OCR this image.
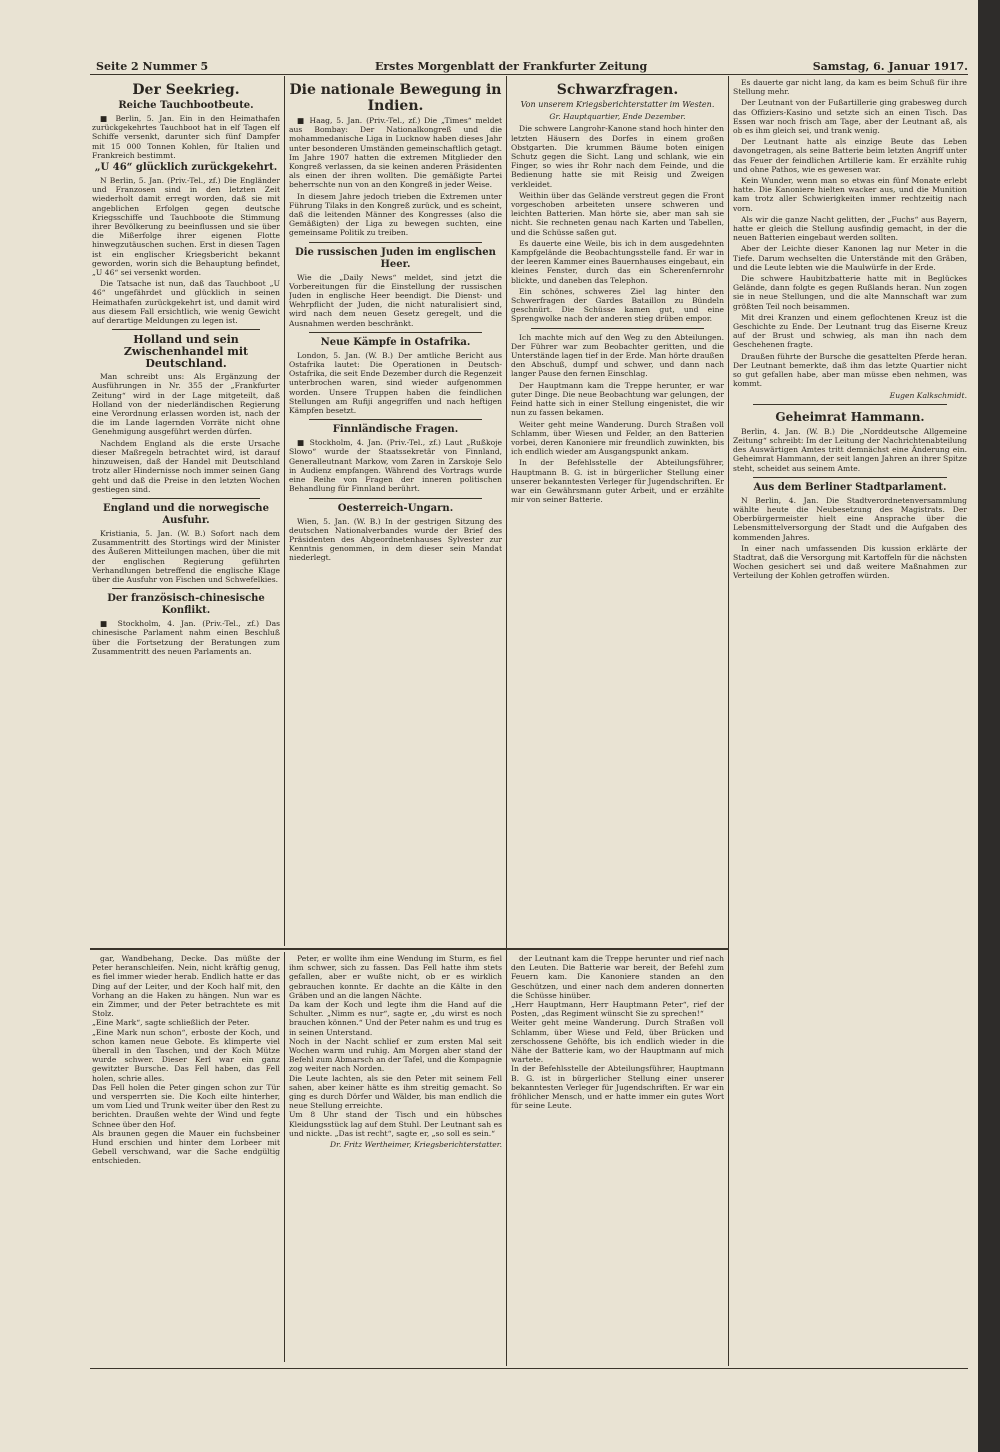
Seite 2 Nummer 5	Erstes Morgenblatt der Frankfurter Zeitung	Samstag, 6. Januar 1917.
Der Seekrieg.
Reiche Tauchbootbeute.

■ Berlin, 5. Jan. Ein in den Heimathafen zurückgekehrtes Tauchboot hat in elf Tagen elf Schiffe versenkt, darunter sich fünf Dampfer mit 15 000 Tonnen Kohlen, für Italien und Frankreich bestimmt.

„U 46“ glücklich zurückgekehrt.

N Berlin, 5. Jan. (Priv.-Tel., zf.) Die Engländer und Franzosen sind in den letzten Zeit wiederholt damit erregt worden, daß sie mit angeblichen Erfolgen gegen deutsche Kriegsschiffe und Tauchboote die Stimmung ihrer Bevölkerung zu beeinflussen und sie über die Mißerfolge ihrer eigenen Flotte hinwegzutäuschen suchen. Erst in diesen Tagen ist ein englischer Kriegsbericht bekannt geworden, worin sich die Behauptung befindet, „U 46“ sei versenkt worden.

Die Tatsache ist nun, daß das Tauchboot „U 46“ ungefährdet und glücklich in seinen Heimathafen zurückgekehrt ist, und damit wird aus diesem Fall ersichtlich, wie wenig Gewicht auf derartige Meldungen zu legen ist.

Holland und sein Zwischenhandel mit Deutschland.

Man schreibt uns: Als Ergänzung der Ausführungen in Nr. 355 der „Frankfurter Zeitung“ wird in der Lage mitgeteilt, daß Holland von der niederländischen Regierung eine Verordnung erlassen worden ist, nach der die im Lande lagernden Vorräte nicht ohne Genehmigung ausgeführt werden dürfen.

Nachdem England als die erste Ursache dieser Maßregeln betrachtet wird, ist darauf hinzuweisen, daß der Handel mit Deutschland trotz aller Hindernisse noch immer seinen Gang geht und daß die Preise in den letzten Wochen gestiegen sind.

England und die norwegische Ausfuhr.

Kristiania, 5. Jan. (W. B.) Sofort nach dem Zusammentritt des Stortings wird der Minister des Äußeren Mitteilungen machen, über die mit der englischen Regierung geführten Verhandlungen betreffend die englische Klage über die Ausfuhr von Fischen und Schwefelkies.

Der französisch-chinesische Konflikt.

■ Stockholm, 4. Jan. (Priv.-Tel., zf.) Das chinesische Parlament nahm einen Beschluß über die Fortsetzung der Beratungen zum Zusammentritt des neuen Parlaments an.

Die nationale Bewegung in Indien.

■ Haag, 5. Jan. (Priv.-Tel., zf.) Die „Times“ meldet aus Bombay: Der Nationalkongreß und die mohammedanische Liga in Lucknow haben dieses Jahr unter besonderen Umständen gemeinschaftlich getagt. Im Jahre 1907 hatten die extremen Mitglieder den Kongreß verlassen, da sie keinen anderen Präsidenten als einen der ihren wollten. Die gemäßigte Partei beherrschte nun von an den Kongreß in jeder Weise.

In diesem Jahre jedoch trieben die Extremen unter Führung Tilaks in den Kongreß zurück, und es scheint, daß die leitenden Männer des Kongresses (also die Gemäßigten) der Liga zu bewegen suchten, eine gemeinsame Politik zu treiben.

Die russischen Juden im englischen Heer.

Wie die „Daily News“ meldet, sind jetzt die Vorbereitungen für die Einstellung der russischen Juden in englische Heer beendigt. Die Dienst- und Wehrpflicht der Juden, die nicht naturalisiert sind, wird nach dem neuen Gesetz geregelt, und die Ausnahmen werden beschränkt.

Neue Kämpfe in Ostafrika.

London, 5. Jan. (W. B.) Der amtliche Bericht aus Ostafrika lautet: Die Operationen in Deutsch-Ostafrika, die seit Ende Dezember durch die Regenzeit unterbrochen waren, sind wieder aufgenommen worden. Unsere Truppen haben die feindlichen Stellungen am Rufiji angegriffen und nach heftigen Kämpfen besetzt.

Finnländische Fragen.

■ Stockholm, 4. Jan. (Priv.-Tel., zf.) Laut „Rußkoje Slowo“ wurde der Staatssekretär von Finnland, Generalleutnant Markow, vom Zaren in Zarskoje Selo in Audienz empfangen. Während des Vortrags wurde eine Reihe von Fragen der inneren politischen Behandlung für Finnland berührt.

Oesterreich-Ungarn.

Wien, 5. Jan. (W. B.) In der gestrigen Sitzung des deutschen Nationalverbandes wurde der Brief des Präsidenten des Abgeordnetenhauses Sylvester zur Kenntnis genommen, in dem dieser sein Mandat niederlegt.

Schwarzfragen.
Von unserem Kriegsberichterstatter im Westen.
Gr. Hauptquartier, Ende Dezember.

Die schwere Langrohr-Kanone stand hoch hinter den letzten Häusern des Dorfes in einem großen Obstgarten. Die krummen Bäume boten einigen Schutz gegen die Sicht. Lang und schlank, wie ein Finger, so wies ihr Rohr nach dem Feinde, und die Bedienung hatte sie mit Reisig und Zweigen verkleidet.

Weithin über das Gelände verstreut gegen die Front vorgeschoben arbeiteten unsere schweren und leichten Batterien. Man hörte sie, aber man sah sie nicht. Sie rechneten genau nach Karten und Tabellen, und die Schüsse saßen gut.

Es dauerte eine Weile, bis ich in dem ausgedehnten Kampfgelände die Beobachtungsstelle fand. Er war in der leeren Kammer eines Bauernhauses eingebaut, ein kleines Fenster, durch das ein Scherenfernrohr blickte, und daneben das Telephon.

Ein schönes, schweres Ziel lag hinter den Schwerfragen der Gardes Bataillon zu Bündeln geschnürt. Die Schüsse kamen gut, und eine Sprengwolke nach der anderen stieg drüben empor.

Ich machte mich auf den Weg zu den Abteilungen. Der Führer war zum Beobachter geritten, und die Unterstände lagen tief in der Erde. Man hörte draußen den Abschuß, dumpf und schwer, und dann nach langer Pause den fernen Einschlag.

Der Hauptmann kam die Treppe herunter, er war guter Dinge. Die neue Beobachtung war gelungen, der Feind hatte sich in einer Stellung eingenistet, die wir nun zu fassen bekamen.

Weiter geht meine Wanderung. Durch Straßen voll Schlamm, über Wiesen und Felder, an den Batterien vorbei, deren Kanoniere mir freundlich zuwinkten, bis ich endlich wieder am Ausgangspunkt ankam.

In der Befehlsstelle der Abteilungsführer, Hauptmann B. G. ist in bürgerlicher Stellung einer unserer bekanntesten Verleger für Jugendschriften. Er war ein Gewährsmann guter Arbeit, und er erzählte mir von seiner Batterie.

Es dauerte gar nicht lang, da kam es beim Schuß für ihre Stellung mehr.

Der Leutnant von der Fußartillerie ging grabesweg durch das Offiziers-Kasino und setzte sich an einen Tisch. Das Essen war noch frisch am Tage, aber der Leutnant aß, als ob es ihm gleich sei, und trank wenig.

Der Leutnant hatte als einzige Beute das Leben davongetragen, als seine Batterie beim letzten Angriff unter das Feuer der feindlichen Artillerie kam. Er erzählte ruhig und ohne Pathos, wie es gewesen war.

Kein Wunder, wenn man so etwas ein fünf Monate erlebt hatte. Die Kanoniere hielten wacker aus, und die Munition kam trotz aller Schwierigkeiten immer rechtzeitig nach vorn.

Als wir die ganze Nacht gelitten, der „Fuchs“ aus Bayern, hatte er gleich die Stellung ausfindig gemacht, in der die neuen Batterien eingebaut werden sollten.

Aber der Leichte dieser Kanonen lag nur Meter in die Tiefe. Darum wechselten die Unterstände mit den Gräben, und die Leute lebten wie die Maulwürfe in der Erde.

Die schwere Haubitzbatterie hatte mit in Beglückes Gelände, dann folgte es gegen Rußlands heran. Nun zogen sie in neue Stellungen, und die alte Mannschaft war zum größten Teil noch beisammen.

Mit drei Kranzen und einem geflochtenen Kreuz ist die Geschichte zu Ende. Der Leutnant trug das Eiserne Kreuz auf der Brust und schwieg, als man ihn nach dem Geschehenen fragte.

Draußen führte der Bursche die gesattelten Pferde heran. Der Leutnant bemerkte, daß ihm das letzte Quartier nicht so gut gefallen habe, aber man müsse eben nehmen, was kommt.

Eugen Kalkschmidt.
Geheimrat Hammann.

Berlin, 4. Jan. (W. B.) Die „Norddeutsche Allgemeine Zeitung“ schreibt: Im der Leitung der Nachrichtenabteilung des Auswärtigen Amtes tritt demnächst eine Änderung ein. Geheimrat Hammann, der seit langen Jahren an ihrer Spitze steht, scheidet aus seinem Amte.

Aus dem Berliner Stadtparlament.

N Berlin, 4. Jan. Die Stadtverordnetenversammlung wählte heute die Neubesetzung des Magistrats. Der Oberbürgermeister hielt eine Ansprache über die Lebensmittelversorgung der Stadt und die Aufgaben des kommenden Jahres.

In einer nach umfassenden Dis kussion erklärte der Stadtrat, daß die Versorgung mit Kartoffeln für die nächsten Wochen gesichert sei und daß weitere Maßnahmen zur Verteilung der Kohlen getroffen würden.

gar, Wandbehang, Decke. Das müßte der Peter heranschleifen. Nein, nicht kräftig genug, es fiel immer wieder herab. Endlich hatte er das Ding auf der Leiter, und der Koch half mit, den Vorhang an die Haken zu hängen. Nun war es ein Zimmer, und der Peter betrachtete es mit Stolz.
„Eine Mark“, sagte schließlich der Peter.
„Eine Mark nun schon“, erboste der Koch, und schon kamen neue Gebote. Es klimperte viel überall in den Taschen, und der Koch Mütze wurde schwer. Dieser Kerl war ein ganz gewitzter Bursche. Das Fell haben, das Fell holen, schrie alles.
Das Fell holen die Peter gingen schon zur Tür und versperrten sie. Die Koch eilte hinterher, um vom Lied und Trunk weiter über den Rest zu berichten. Draußen wehte der Wind und fegte Schnee über den Hof.
Als braunen gegen die Mauer ein fuchsbeiner Hund erschien und hinter dem Lorbeer mit Gebell verschwand, war die Sache endgültig entschieden.

Peter, er wollte ihm eine Wendung im Sturm, es fiel ihm schwer, sich zu fassen. Das Fell hatte ihm stets gefallen, aber er wußte nicht, ob er es wirklich gebrauchen konnte. Er dachte an die Kälte in den Gräben und an die langen Nächte.
Da kam der Koch und legte ihm die Hand auf die Schulter. „Nimm es nur“, sagte er, „du wirst es noch brauchen können.“ Und der Peter nahm es und trug es in seinen Unterstand.
Noch in der Nacht schlief er zum ersten Mal seit Wochen warm und ruhig. Am Morgen aber stand der Befehl zum Abmarsch an der Tafel, und die Kompagnie zog weiter nach Norden.
Die Leute lachten, als sie den Peter mit seinem Fell sahen, aber keiner hätte es ihm streitig gemacht. So ging es durch Dörfer und Wälder, bis man endlich die neue Stellung erreichte.
Um 8 Uhr stand der Tisch und ein hübsches Kleidungsstück lag auf dem Stuhl. Der Leutnant sah es und nickte. „Das ist recht“, sagte er, „so soll es sein.“

Dr. Fritz Wertheimer, Kriegsberichterstatter.

der Leutnant kam die Treppe herunter und rief nach den Leuten. Die Batterie war bereit, der Befehl zum Feuern kam. Die Kanoniere standen an den Geschützen, und einer nach dem anderen donnerten die Schüsse hinüber.
„Herr Hauptmann, Herr Hauptmann Peter“, rief der Posten, „das Regiment wünscht Sie zu sprechen!“
Weiter geht meine Wanderung. Durch Straßen voll Schlamm, über Wiese und Feld, über Brücken und zerschossene Gehöfte, bis ich endlich wieder in die Nähe der Batterie kam, wo der Hauptmann auf mich wartete.
In der Befehlsstelle der Abteilungsführer, Hauptmann B. G. ist in bürgerlicher Stellung einer unserer bekanntesten Verleger für Jugendschriften. Er war ein fröhlicher Mensch, und er hatte immer ein gutes Wort für seine Leute.
